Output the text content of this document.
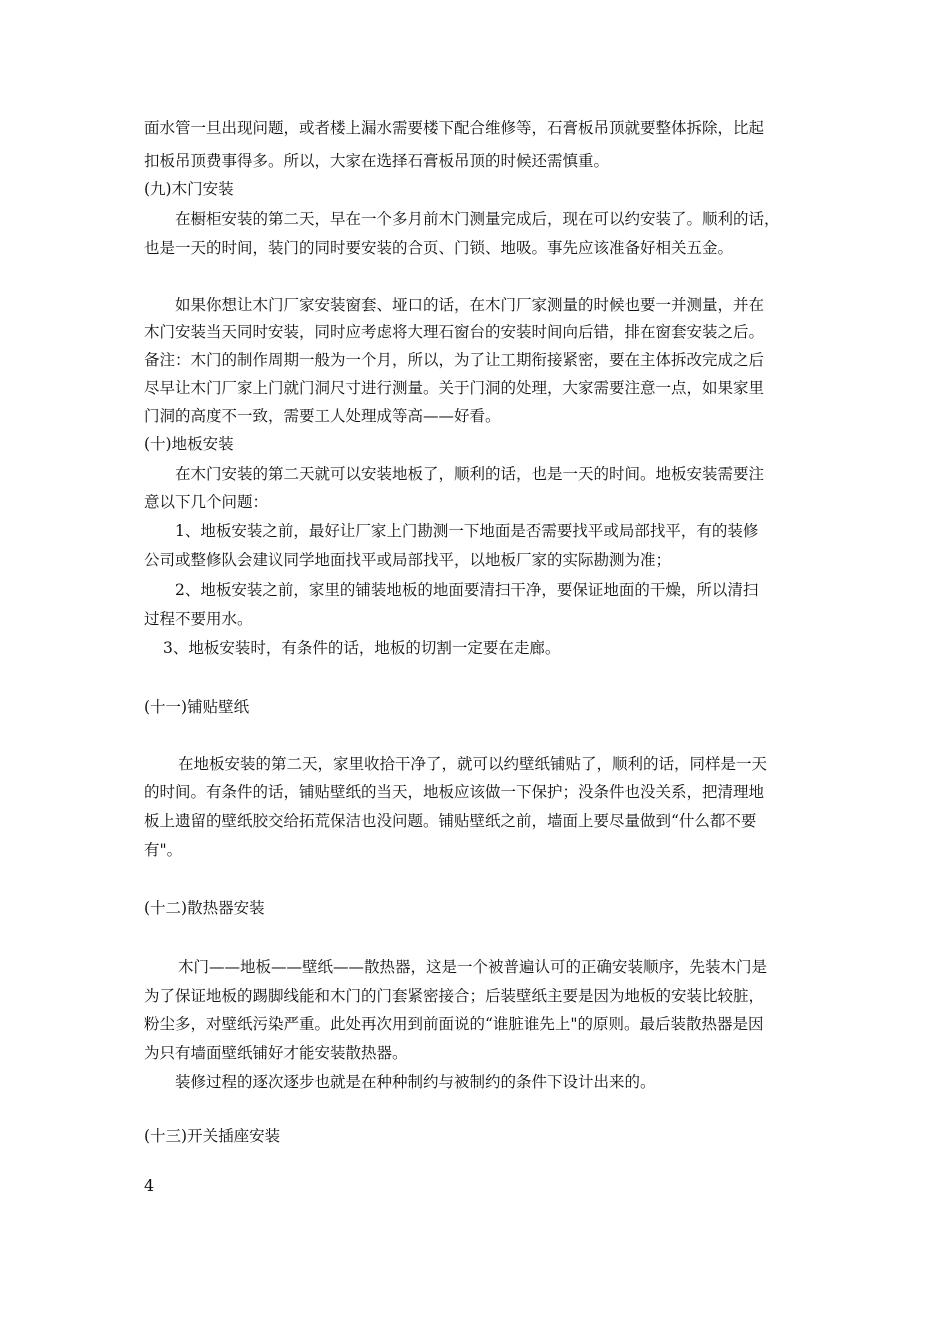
面水管一旦出现问题，或者楼上漏水需要楼下配合维修等，石膏板吊顶就要整体拆除，比起
扣板吊顶费事得多。所以，大家在选择石膏板吊顶的时候还需慎重。
(九)木门安装
在橱柜安装的第二天，早在一个多月前木门测量完成后，现在可以约安装了。顺利的话，
也是一天的时间，装门的同时要安装的合页、门锁、地吸。事先应该准备好相关五金。
如果你想让木门厂家安装窗套、垭口的话，在木门厂家测量的时候也要一并测量，并在
木门安装当天同时安装，同时应考虑将大理石窗台的安装时间向后错，排在窗套安装之后。
备注：木门的制作周期一般为一个月，所以，为了让工期衔接紧密，要在主体拆改完成之后
尽早让木门厂家上门就门洞尺寸进行测量。关于门洞的处理，大家需要注意一点，如果家里
门洞的高度不一致，需要工人处理成等高——好看。
(十)地板安装
在木门安装的第二天就可以安装地板了，顺利的话，也是一天的时间。地板安装需要注
意以下几个问题：
1、地板安装之前，最好让厂家上门勘测一下地面是否需要找平或局部找平，有的装修
公司或整修队会建议同学地面找平或局部找平，以地板厂家的实际勘测为准；
2、地板安装之前，家里的铺装地板的地面要清扫干净，要保证地面的干燥，所以清扫
过程不要用水。
3、地板安装时，有条件的话，地板的切割一定要在走廊。
(十一)铺贴壁纸
在地板安装的第二天，家里收拾干净了，就可以约壁纸铺贴了，顺利的话，同样是一天
的时间。有条件的话，铺贴壁纸的当天，地板应该做一下保护；没条件也没关系，把清理地
板上遗留的壁纸胶交给拓荒保洁也没问题。铺贴壁纸之前，墙面上要尽量做到“什么都不要
有"。
(十二)散热器安装
木门——地板——壁纸——散热器，这是一个被普遍认可的正确安装顺序，先装木门是
为了保证地板的踢脚线能和木门的门套紧密接合；后装壁纸主要是因为地板的安装比较脏，
粉尘多，对壁纸污染严重。此处再次用到前面说的“谁脏谁先上"的原则。最后装散热器是因
为只有墙面壁纸铺好才能安装散热器。
装修过程的逐次逐步也就是在种种制约与被制约的条件下设计出来的。
(十三)开关插座安装
4
